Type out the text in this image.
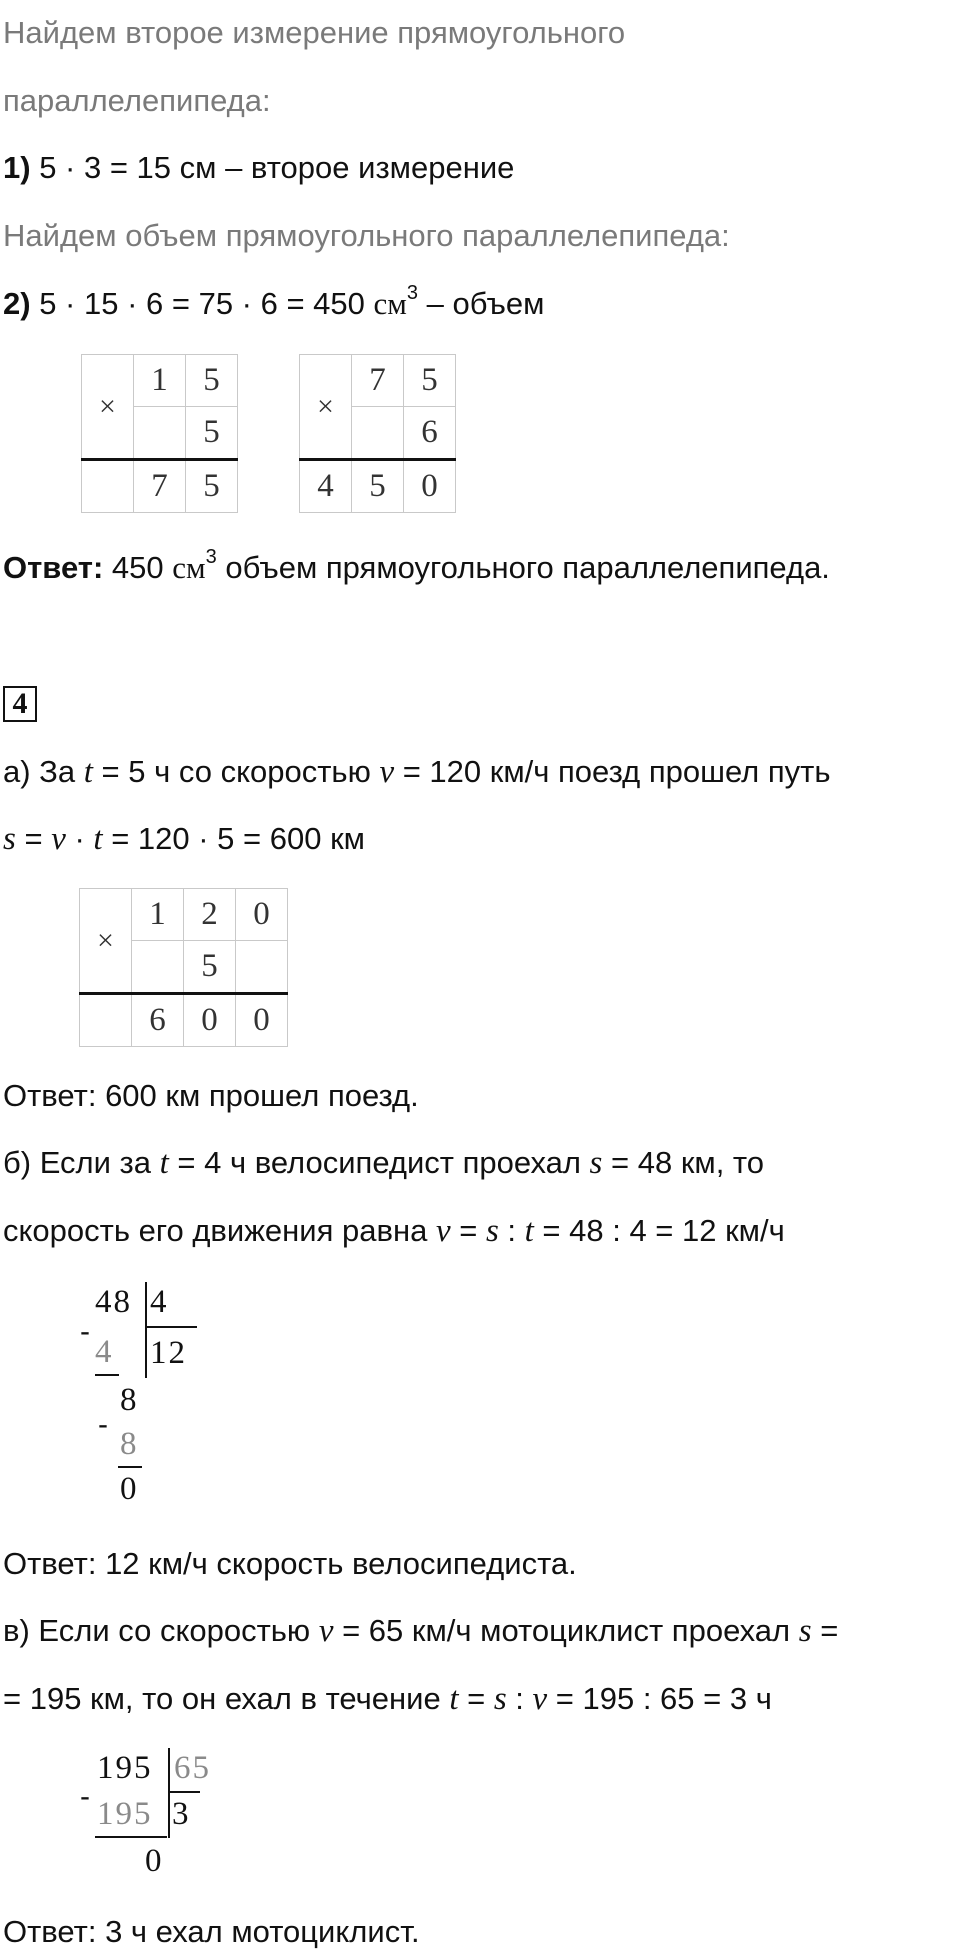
Найдем второе измерение прямоугольного
параллелепипеда:
1) 5 · 3 = 15 см – второе измерение
Найдем объем прямоугольного параллелепипеда:
2) 5 · 15 · 6 = 75 · 6 = 450 $см^3$ – объем
×	1	5
		5
	7	5
×	7	5
		6
4	5	0
Ответ: 450 $см^3$ объем прямоугольного параллелепипеда.
4
а) За t = 5 ч со скоростью v = 120 км/ч поезд прошел путь
s = v · t = 120 · 5 = 600 км
×	1	2	0
		5	
	6	0	0
Ответ: 600 км прошел поезд.
б) Если за t = 4 ч велосипедист проехал s = 48 км, то
скорость его движения равна v = s : t = 48 : 4 = 12 км/ч
48 4
12
-
4
8
-
8
0
Ответ: 12 км/ч скорость велосипедиста.
в) Если со скоростью v = 65 км/ч мотоциклист проехал s =
= 195 км, то он ехал в течение t = s : v = 195 : 65 = 3 ч
195 65
3
- 195
0
Ответ: 3 ч ехал мотоциклист.
